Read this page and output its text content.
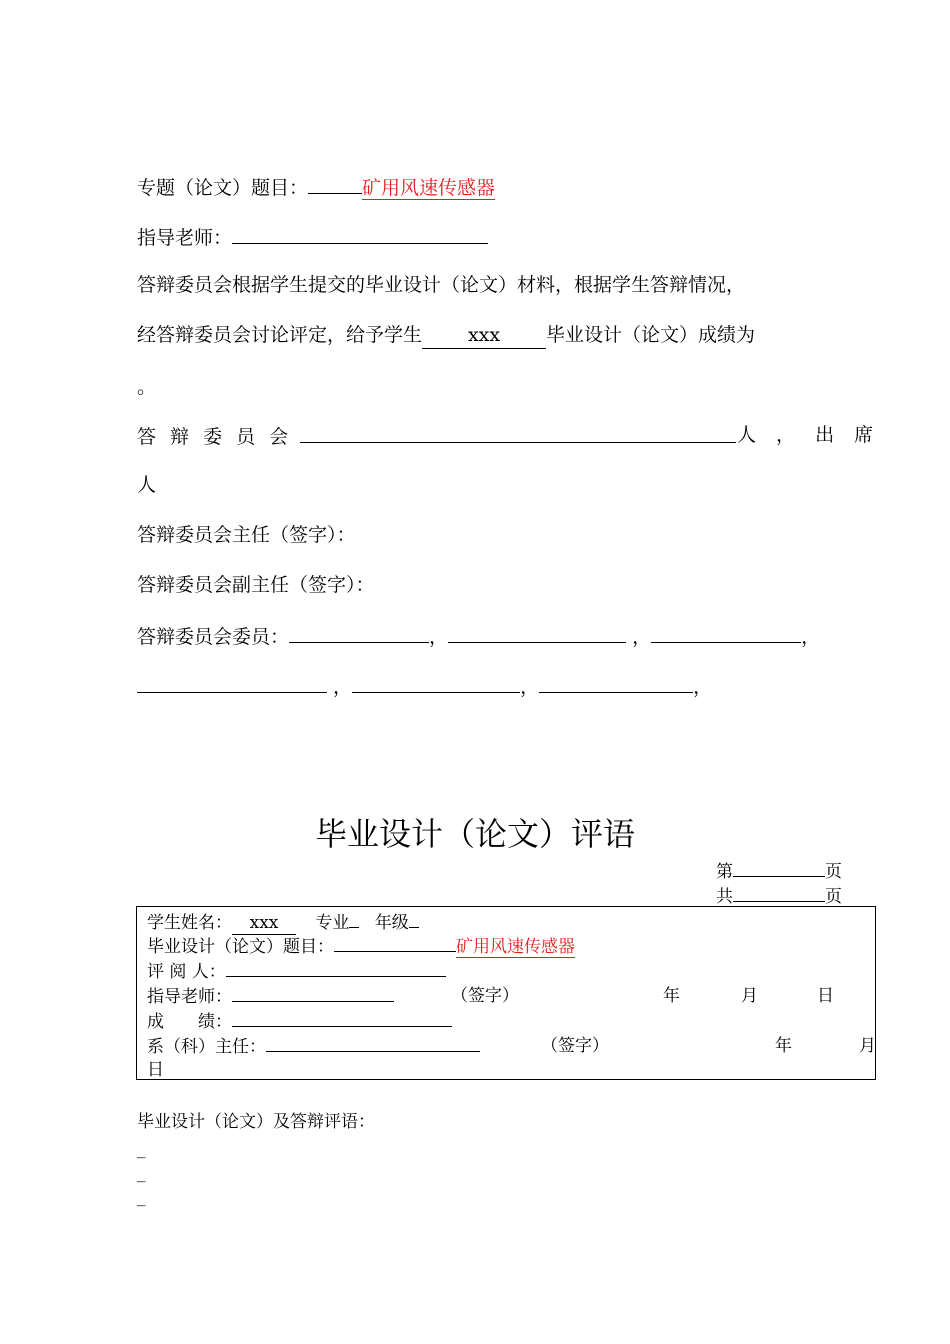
专题（论文）题目：	矿用风速传感器
指导老师：
答辩委员会根据学生提交的毕业设计（论文）材料，根据学生答辩情况，
经答辩委员会讨论评定，给予学生 xxx 毕业设计（论文）成绩为
。
答 辩 委 员 会	人 ， 出 席
人
答辩委员会主任（签字）：
答辩委员会副主任（签字）：
答辩委员会委员：	，	，	，
，	，	，
毕业设计（论文）评语
第	页
共	页
学生姓名： xxx 专业 年级
毕业设计（论文）题目：	矿用风速传感器
评 阅 人：
指导老师：	（签字）	年	月	日
成　　绩：
系（科）主任：	（签字）	年	月
日
毕业设计（论文）及答辩评语：
_
_
_
